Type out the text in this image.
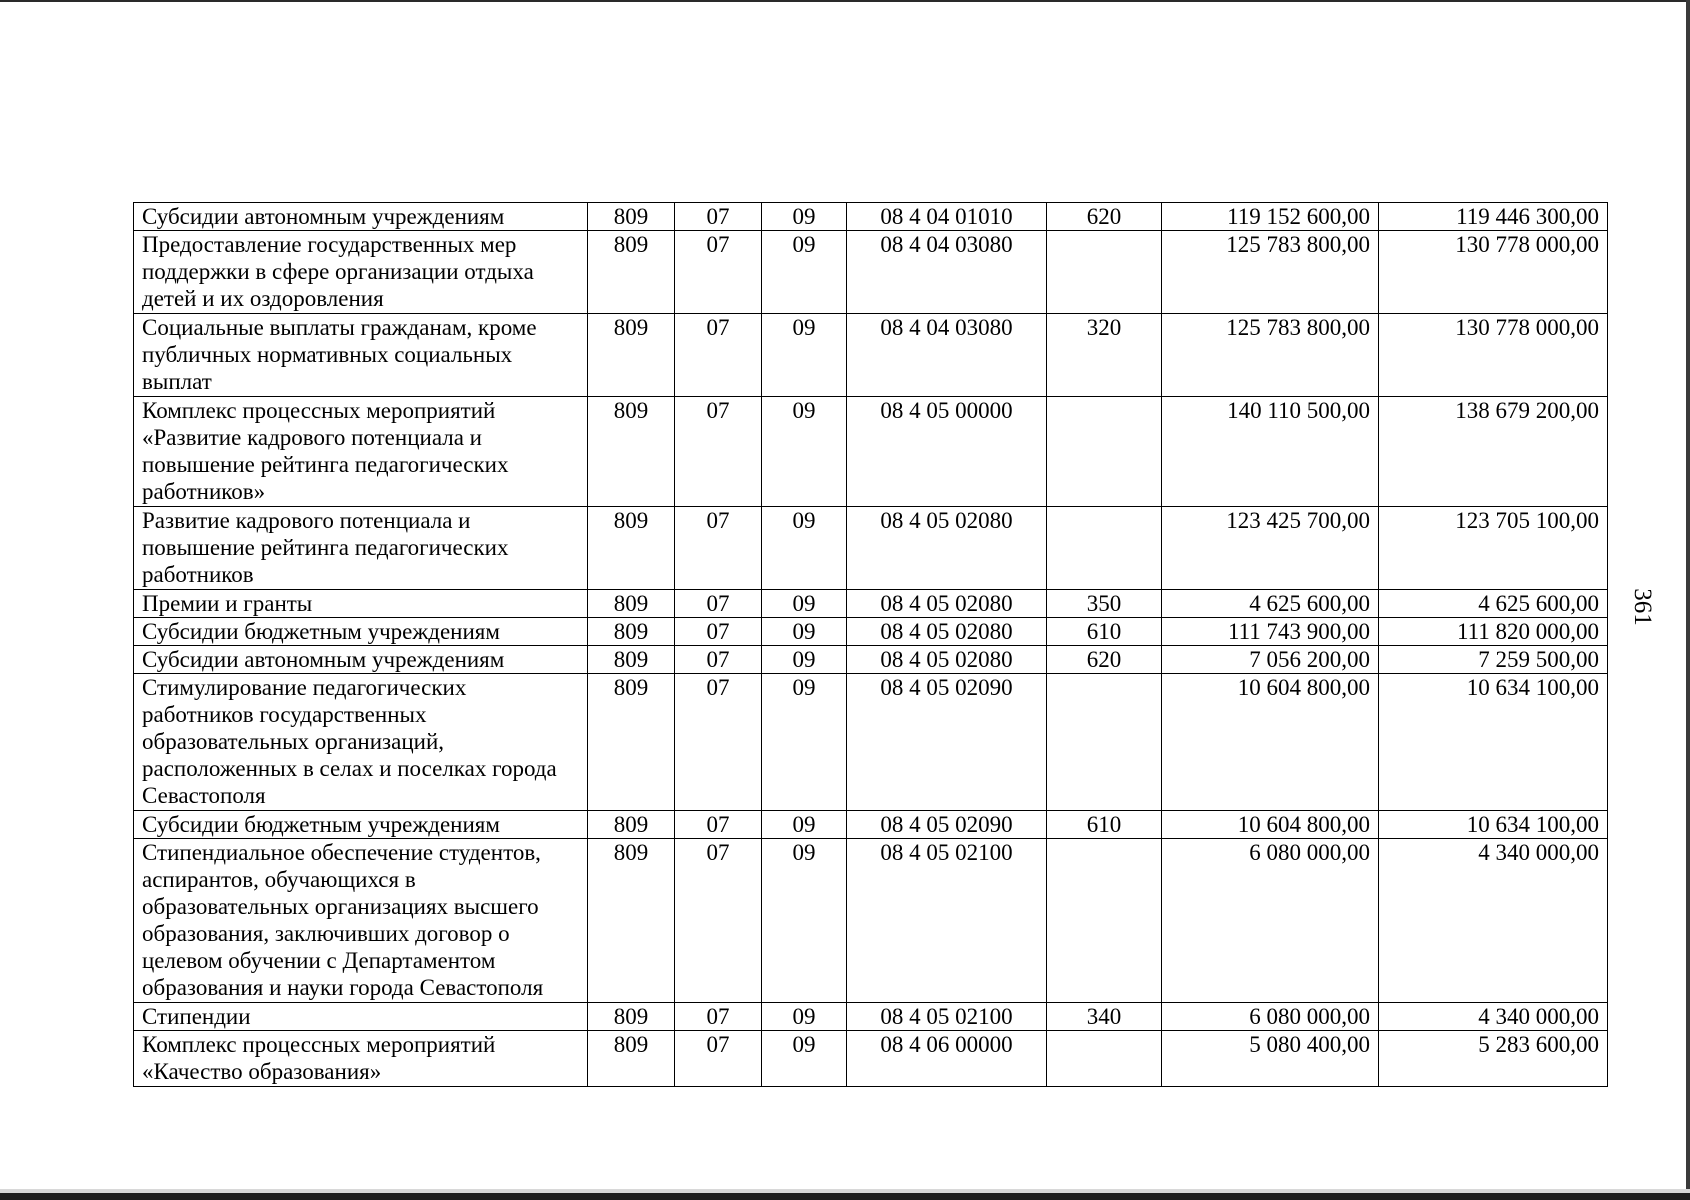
Субсидии автономным учреждениям	809	07	09	08 4 04 01010	620	119 152 600,00	119 446 300,00
Предоставление государственных мер поддержки в сфере организации отдыха детей и их оздоровления	809	07	09	08 4 04 03080		125 783 800,00	130 778 000,00
Социальные выплаты гражданам, кроме публичных нормативных социальных выплат	809	07	09	08 4 04 03080	320	125 783 800,00	130 778 000,00
Комплекс процессных мероприятий «Развитие кадрового потенциала и повышение рейтинга педагогических работников»	809	07	09	08 4 05 00000		140 110 500,00	138 679 200,00
Развитие кадрового потенциала и повышение рейтинга педагогических работников	809	07	09	08 4 05 02080		123 425 700,00	123 705 100,00
Премии и гранты	809	07	09	08 4 05 02080	350	4 625 600,00	4 625 600,00
Субсидии бюджетным учреждениям	809	07	09	08 4 05 02080	610	111 743 900,00	111 820 000,00
Субсидии автономным учреждениям	809	07	09	08 4 05 02080	620	7 056 200,00	7 259 500,00
Стимулирование педагогических работников государственных образовательных организаций, расположенных в селах и поселках города Севастополя	809	07	09	08 4 05 02090		10 604 800,00	10 634 100,00
Субсидии бюджетным учреждениям	809	07	09	08 4 05 02090	610	10 604 800,00	10 634 100,00
Стипендиальное обеспечение студентов, аспирантов, обучающихся в образовательных организациях высшего образования, заключивших договор о целевом обучении с Департаментом образования и науки города Севастополя	809	07	09	08 4 05 02100		6 080 000,00	4 340 000,00
Стипендии	809	07	09	08 4 05 02100	340	6 080 000,00	4 340 000,00
Комплекс процессных мероприятий «Качество образования»	809	07	09	08 4 06 00000		5 080 400,00	5 283 600,00
361
